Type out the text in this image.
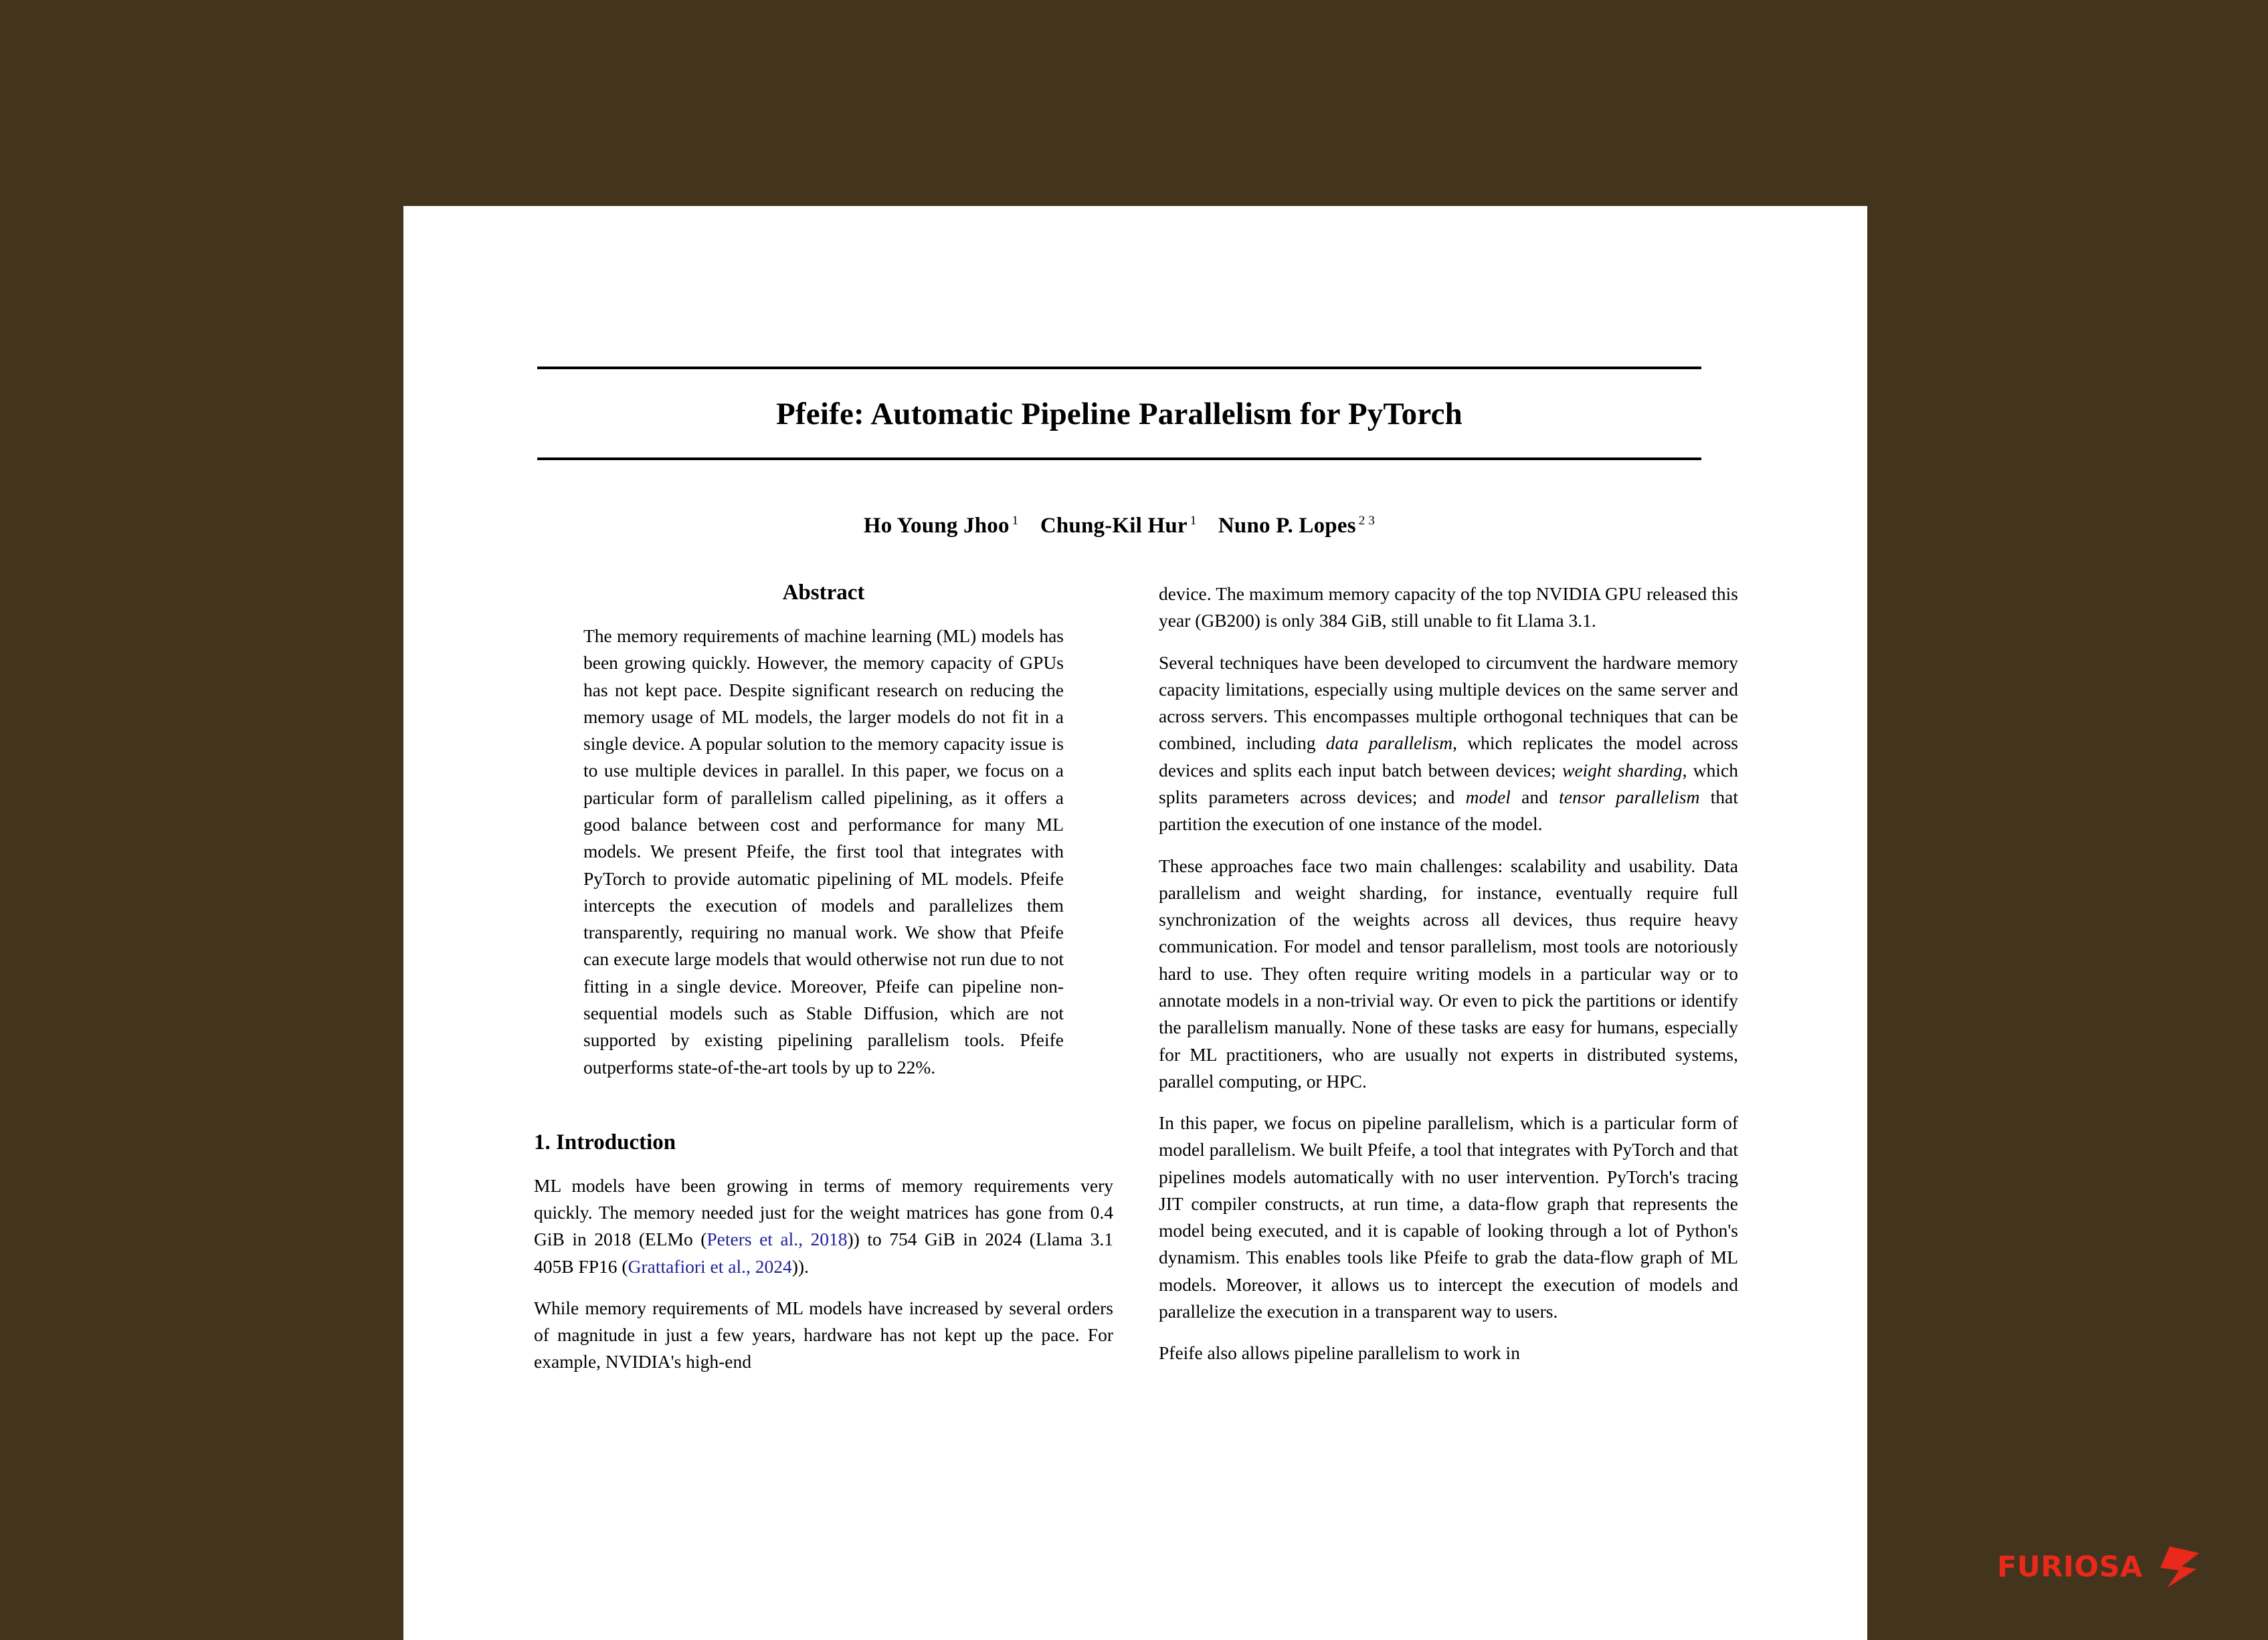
Pfeife: Automatic Pipeline Parallelism for PyTorch
Ho Young Jhoo $^1$ Chung-Kil Hur $^1$ Nuno P. Lopes $^{2 3}$
Abstract

The memory requirements of machine learning (ML) models has been growing quickly. However, the memory capacity of GPUs has not kept pace. Despite significant research on reducing the memory usage of ML models, the larger models do not fit in a single device. A popular solution to the memory capacity issue is to use multiple devices in parallel. In this paper, we focus on a particular form of parallelism called pipelining, as it offers a good balance between cost and performance for many ML models. We present Pfeife, the first tool that integrates with PyTorch to provide automatic pipelining of ML models. Pfeife intercepts the execution of models and parallelizes them transparently, requiring no manual work. We show that Pfeife can execute large models that would otherwise not run due to not fitting in a single device. Moreover, Pfeife can pipeline non-sequential models such as Stable Diffusion, which are not supported by existing pipelining parallelism tools. Pfeife outperforms state-of-the-art tools by up to 22%.

1. Introduction

ML models have been growing in terms of memory requirements very quickly. The memory needed just for the weight matrices has gone from 0.4 GiB in 2018 (ELMo (Peters et al., 2018)) to 754 GiB in 2024 (Llama 3.1 405B FP16 (Grattafiori et al., 2024)).

While memory requirements of ML models have increased by several orders of magnitude in just a few years, hardware has not kept up the pace. For example, NVIDIA's high-end

device. The maximum memory capacity of the top NVIDIA GPU released this year (GB200) is only 384 GiB, still unable to fit Llama 3.1.

Several techniques have been developed to circumvent the hardware memory capacity limitations, especially using multiple devices on the same server and across servers. This encompasses multiple orthogonal techniques that can be combined, including data parallelism, which replicates the model across devices and splits each input batch between devices; weight sharding, which splits parameters across devices; and model and tensor parallelism that partition the execution of one instance of the model.

These approaches face two main challenges: scalability and usability. Data parallelism and weight sharding, for instance, eventually require full synchronization of the weights across all devices, thus require heavy communication. For model and tensor parallelism, most tools are notoriously hard to use. They often require writing models in a particular way or to annotate models in a non-trivial way. Or even to pick the partitions or identify the parallelism manually. None of these tasks are easy for humans, especially for ML practitioners, who are usually not experts in distributed systems, parallel computing, or HPC.

In this paper, we focus on pipeline parallelism, which is a particular form of model parallelism. We built Pfeife, a tool that integrates with PyTorch and that pipelines models automatically with no user intervention. PyTorch's tracing JIT compiler constructs, at run time, a data-flow graph that represents the model being executed, and it is capable of looking through a lot of Python's dynamism. This enables tools like Pfeife to grab the data-flow graph of ML models. Moreover, it allows us to intercept the execution of models and parallelize the execution in a transparent way to users.

Pfeife also allows pipeline parallelism to work in

FURIOSA
